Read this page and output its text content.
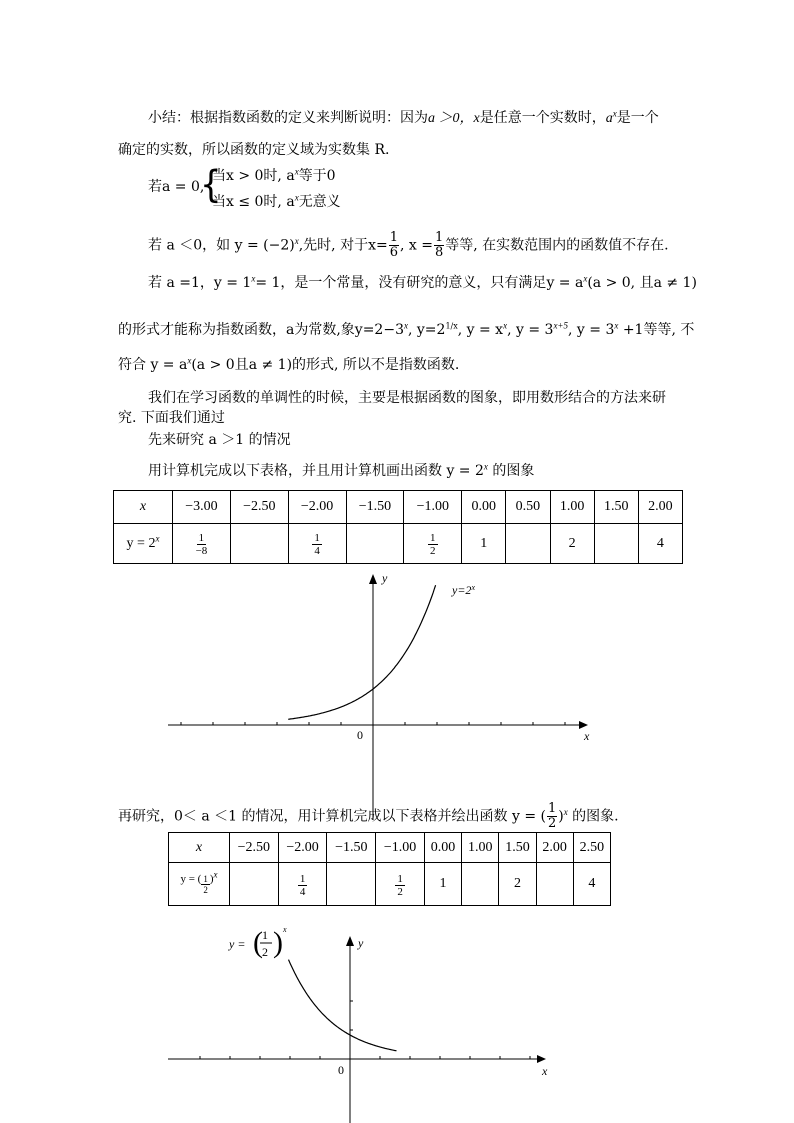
小结：根据指数函数的定义来判断说明：因为a ＞0，x是任意一个实数时，$a^x$是一个
确定的实数，所以函数的定义域为实数集 R.
若a = 0,
{
当x > 0时, $a^x$等于0
当x ≤ 0时, $a^x$无意义
若 a ＜0，如 $y = (-2)^x$,先时, 对于$x= \frac{1}{6}$ , $x = \frac{1}{8}$ 等等, 在实数范围内的函数值不存在.
若 a =1，$y = 1^x= 1$，是一个常量，没有研究的意义，只有满足$y = a^x(a > 0$, 且a ≠ 1)
的形式才能称为指数函数，a为常数,象$y=2-3^x$, $y=2^{1/x}$, $y = x^x$, $y = 3^{x+5}$, $y = 3^x +1$等等, 不
符合 $y = a^x(a > 0$且a ≠ 1)的形式, 所以不是指数函数.
我们在学习函数的单调性的时候，主要是根据函数的图象，即用数形结合的方法来研
究. 下面我们通过
先来研究 a ＞1 的情况
用计算机完成以下表格，并且用计算机画出函数 $y = 2^x$ 的图象
x	−3.00	−2.50	−2.00	−1.50	−1.00	0.00	0.50	1.00	1.50	2.00
$y = 2^x$	$\frac{1}{-8}$		$\frac{1}{4}$		$\frac{1}{2}$	1		2		4
再研究，0＜ a ＜1 的情况，用计算机完成以下表格并绘出函数 y = ( $\frac{1}{2} )^x$ 的图象.
x	−2.50	−2.00	−1.50	−1.00	0.00	1.00	1.50	2.00	2.50
y = ( $\frac{1}{2} )^x$		$\frac{1}{4}$		$\frac{1}{2}$	1		2		4
y
x
0
$y=2^x$
y
x
0
y = ( 1
2 ) x
